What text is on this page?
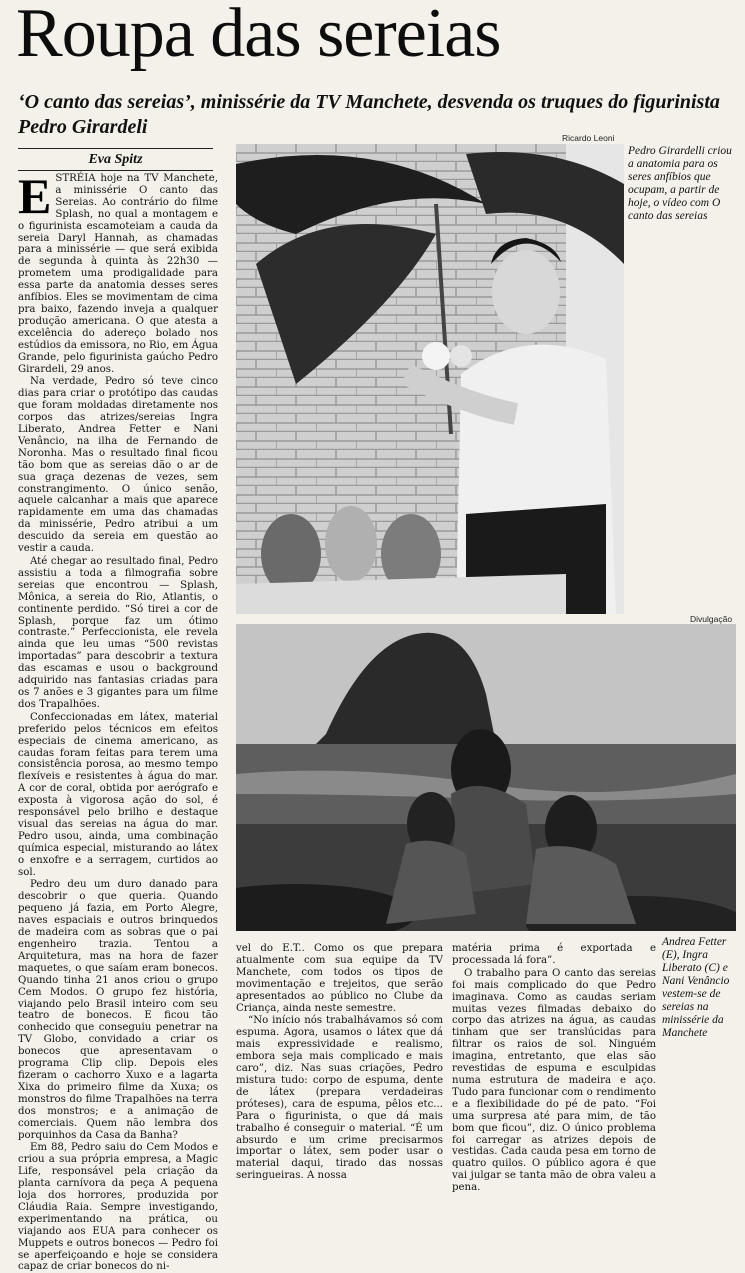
Roupa das sereias
‘O canto das sereias’, minissérie da TV Manchete, desvenda os truques do figurinista Pedro Girardeli
Eva Spitz

ESTRÉIA hoje na TV Manchete, a minissérie O canto das Sereias. Ao contrário do filme Splash, no qual a montagem e o figurinista escamoteiam a cauda da sereia Daryl Hannah, as chamadas para a minissérie — que será exibida de segunda à quinta às 22h30 — prometem uma prodigalidade para essa parte da anatomia desses seres anfíbios. Eles se movimentam de cima pra baixo, fazendo inveja a qualquer produção americana. O que atesta a excelência do adereço bolado nos estúdios da emissora, no Rio, em Água Grande, pelo figurinista gaúcho Pedro Girardeli, 29 anos.

Na verdade, Pedro só teve cinco dias para criar o protótipo das caudas que foram moldadas diretamente nos corpos das atrizes/sereias Ingra Liberato, Andrea Fetter e Nani Venâncio, na ilha de Fernando de Noronha. Mas o resultado final ficou tão bom que as sereias dão o ar de sua graça dezenas de vezes, sem constrangimento. O único senão, aquele calcanhar a mais que aparece rapidamente em uma das chamadas da minissérie, Pedro atribui a um descuido da sereia em questão ao vestir a cauda.

Até chegar ao resultado final, Pedro assistiu a toda a filmografia sobre sereias que encontrou — Splash, Mônica, a sereia do Rio, Atlantis, o continente perdido. “Só tirei a cor de Splash, porque faz um ótimo contraste.” Perfeccionista, ele revela ainda que leu umas “500 revistas importadas” para descobrir a textura das escamas e usou o background adquirido nas fantasias criadas para os 7 anões e 3 gigantes para um filme dos Trapalhões.

Confeccionadas em látex, material preferido pelos técnicos em efeitos especiais de cinema americano, as caudas foram feitas para terem uma consistência porosa, ao mesmo tempo flexíveis e resistentes à água do mar. A cor de coral, obtida por aerógrafo e exposta à vigorosa ação do sol, é responsável pelo brilho e destaque visual das sereias na água do mar. Pedro usou, ainda, uma combinação química especial, misturando ao látex o enxofre e a serragem, curtidos ao sol.

Pedro deu um duro danado para descobrir o que queria. Quando pequeno já fazia, em Porto Alegre, naves espaciais e outros brinquedos de madeira com as sobras que o pai engenheiro trazia. Tentou a Arquitetura, mas na hora de fazer maquetes, o que saíam eram bonecos. Quando tinha 21 anos criou o grupo Cem Modos. O grupo fez história, viajando pelo Brasil inteiro com seu teatro de bonecos. E ficou tão conhecido que conseguiu penetrar na TV Globo, convidado a criar os bonecos que apresentavam o programa Clip clip. Depois eles fizeram o cachorro Xuxo e a lagarta Xixa do primeiro filme da Xuxa; os monstros do filme Trapalhões na terra dos monstros; e a animação de comerciais. Quem não lembra dos porquinhos da Casa da Banha?

Em 88, Pedro saiu do Cem Modos e criou a sua própria empresa, a Magic Life, responsável pela criação da planta carnívora da peça A pequena loja dos horrores, produzida por Cláudia Raia. Sempre investigando, experimentando na prática, ou viajando aos EUA para conhecer os Muppets e outros bonecos — Pedro foi se aperfeiçoando e hoje se considera capaz de criar bonecos do ni-

Ricardo Leoni
Pedro Girardelli criou a anatomia para os seres anfíbios que ocupam, a partir de hoje, o vídeo com O canto das sereias
Divulgação
Andrea Fetter (E), Ingra Liberato (C) e Nani Venâncio vestem-se de sereias na minissérie da Manchete

vel do E.T.. Como os que prepara atualmente com sua equipe da TV Manchete, com todos os tipos de movimentação e trejeitos, que serão apresentados ao público no Clube da Criança, ainda neste semestre.

“No início nós trabalhávamos só com espuma. Agora, usamos o látex que dá mais expressividade e realismo, embora seja mais complicado e mais caro”, diz. Nas suas criações, Pedro mistura tudo: corpo de espuma, dente de látex (prepara verdadeiras próteses), cara de espuma, pêlos etc... Para o figurinista, o que dá mais trabalho é conseguir o material. “É um absurdo e um crime precisarmos importar o látex, sem poder usar o material daqui, tirado das nossas seringueiras. A nossa

matéria prima é exportada e processada lá fora”.

O trabalho para O canto das sereias foi mais complicado do que Pedro imaginava. Como as caudas seriam muitas vezes filmadas debaixo do corpo das atrizes na água, as caudas tinham que ser translúcidas para filtrar os raios de sol. Ninguém imagina, entretanto, que elas são revestidas de espuma e esculpidas numa estrutura de madeira e aço. Tudo para funcionar com o rendimento e a flexibilidade do pé de pato. “Foi uma surpresa até para mim, de tão bom que ficou”, diz. O único problema foi carregar as atrizes depois de vestidas. Cada cauda pesa em torno de quatro quilos. O público agora é que vai julgar se tanta mão de obra valeu a pena.
